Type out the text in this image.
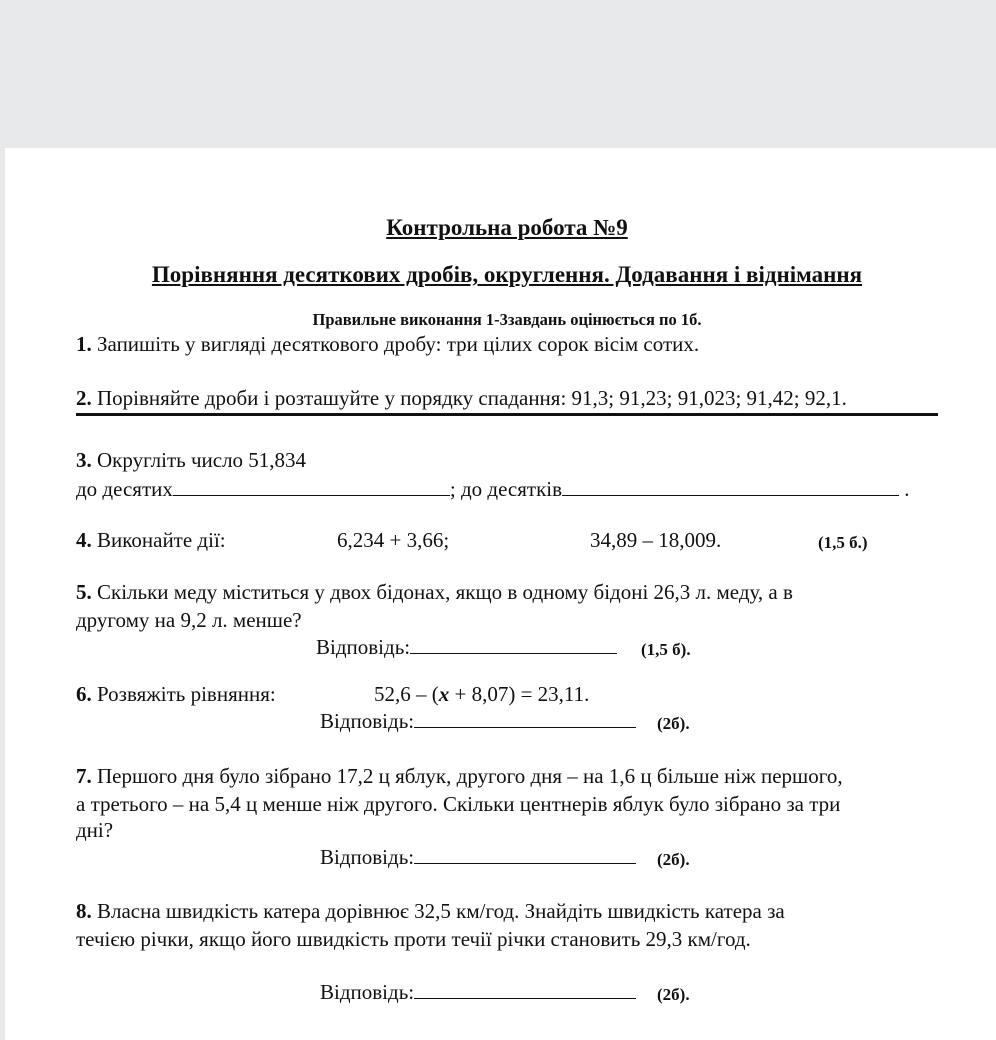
Контрольна робота №9
Порівняння десяткових дробів, округлення. Додавання і віднімання
Правильне виконання 1-3завдань оцінюється по 1б.
1. Запишіть у вигляді десяткового дробу: три цілих сорок вісім сотих.
2. Порівняйте дроби і розташуйте у порядку спадання: 91,3; 91,23; 91,023; 91,42; 92,1.
3. Округліть число 51,834
до десятих	; до десятків	.
4. Виконайте дії:	6,234 + 3,66;	34,89 – 18,009.	(1,5 б.)
5. Скільки меду міститься у двох бідонах, якщо в одному бідоні 26,3 л. меду, а в
другому на 9,2 л. менше?
Відповідь:	(1,5 б).
6. Розвяжіть рівняння:	52,6 – (x + 8,07) = 23,11.
Відповідь:	(2б).
7. Першого дня було зібрано 17,2 ц яблук, другого дня – на 1,6 ц більше ніж першого,
а третього – на 5,4 ц менше ніж другого. Скільки центнерів яблук було зібрано за три
дні?
Відповідь:	(2б).
8. Власна швидкість катера дорівнює 32,5 км/год. Знайдіть швидкість катера за
течією річки, якщо його швидкість проти течії річки становить 29,3 км/год.
Відповідь:	(2б).
